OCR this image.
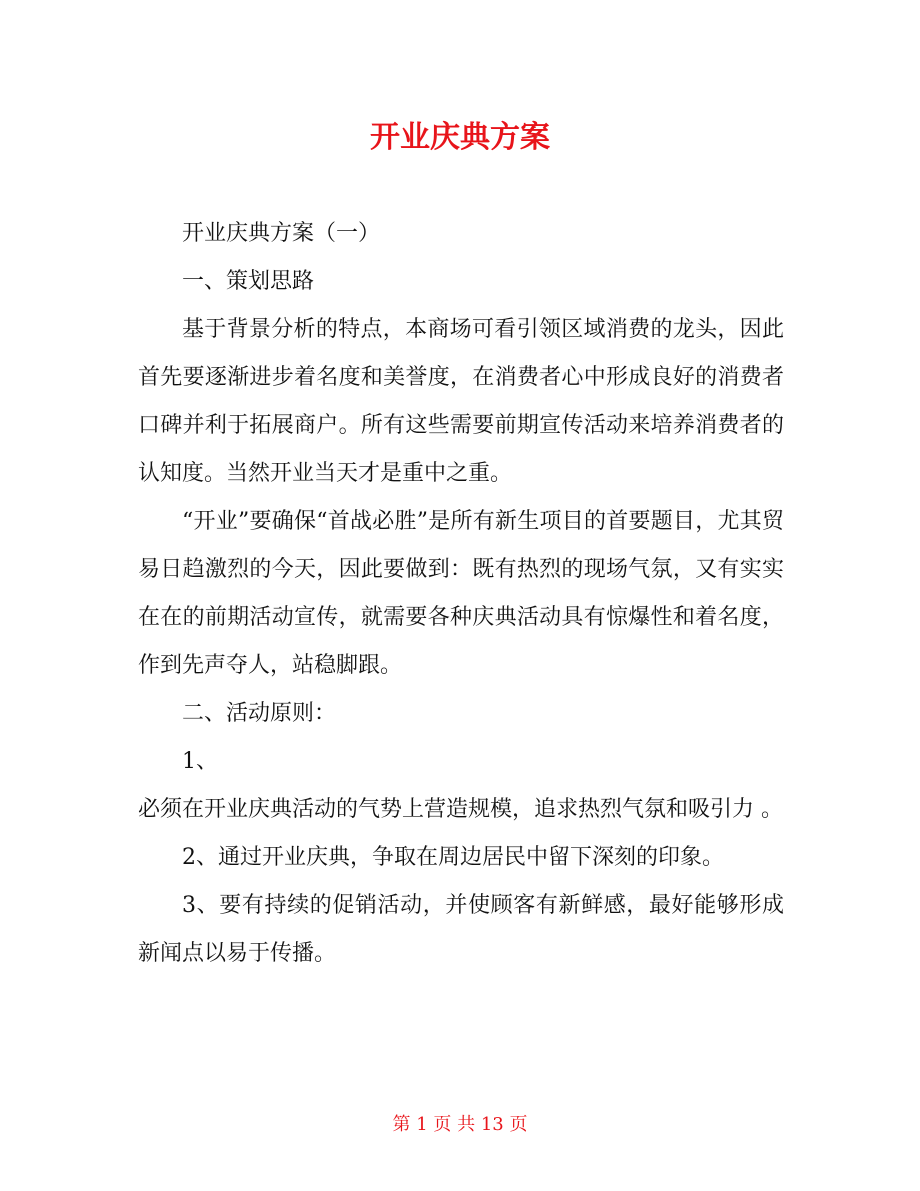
开业庆典方案

开业庆典方案（一）

一、策划思路

基于背景分析的特点，本商场可看引领区域消费的龙头，因此首先要逐渐进步着名度和美誉度，在消费者心中形成良好的消费者口碑并利于拓展商户。所有这些需要前期宣传活动来培养消费者的认知度。当然开业当天才是重中之重。

“开业”要确保“首战必胜”是所有新生项目的首要题目，尤其贸易日趋激烈的今天，因此要做到：既有热烈的现场气氛，又有实实在在的前期活动宣传，就需要各种庆典活动具有惊爆性和着名度，作到先声夺人，站稳脚跟。

二、活动原则：

1、

必须在开业庆典活动的气势上营造规模，追求热烈气氛和吸引力 。

2、通过开业庆典，争取在周边居民中留下深刻的印象。

3、要有持续的促销活动，并使顾客有新鲜感，最好能够形成新闻点以易于传播。

第 1 页 共 13 页
